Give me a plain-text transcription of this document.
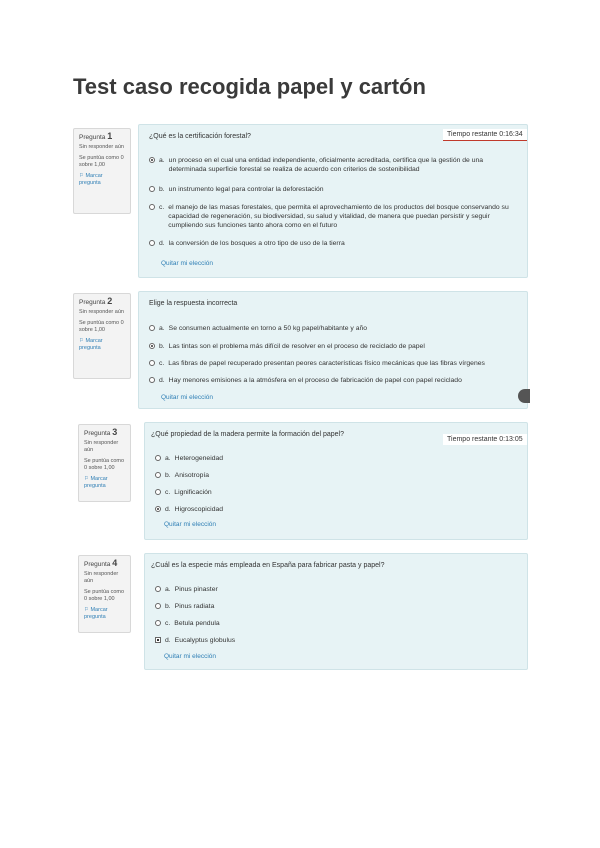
Test caso recogida papel y cartón
Pregunta 1
Sin responder aún
Se puntúa como 0 sobre 1,00
⚐ Marcar pregunta
¿Qué es la certificación forestal?	Tiempo restante 0:16:34
a. un proceso en el cual una entidad independiente, oficialmente acreditada, certifica que la gestión de una determinada superficie forestal se realiza de acuerdo con criterios de sostenibilidad
b. un instrumento legal para controlar la deforestación
c. el manejo de las masas forestales, que permita el aprovechamiento de los productos del bosque conservando su capacidad de regeneración, su biodiversidad, su salud y vitalidad, de manera que puedan persistir y seguir cumpliendo sus funciones tanto ahora como en el futuro
d. la conversión de los bosques a otro tipo de uso de la tierra
Quitar mi elección
Pregunta 2
Sin responder aún
Se puntúa como 0 sobre 1,00
⚐ Marcar pregunta
Elige la respuesta incorrecta
a. Se consumen actualmente en torno a 50 kg papel/habitante y año
b. Las tintas son el problema más difícil de resolver en el proceso de reciclado de papel
c. Las fibras de papel recuperado presentan peores características físico mecánicas que las fibras vírgenes
d. Hay menores emisiones a la atmósfera en el proceso de fabricación de papel con papel reciclado
Quitar mi elección
Pregunta 3
Sin responder aún
Se puntúa como 0 sobre 1,00
⚐ Marcar pregunta
¿Qué propiedad de la madera permite la formación del papel?
Tiempo restante 0:13:05
a. Heterogeneidad
b. Anisotropía
c. Lignificación
d. Higroscopicidad
Quitar mi elección
Pregunta 4
Sin responder aún
Se puntúa como 0 sobre 1,00
⚐ Marcar pregunta
¿Cuál es la especie más empleada en España para fabricar pasta y papel?
a. Pinus pinaster
b. Pinus radiata
c. Betula pendula
d. Eucalyptus globulus
Quitar mi elección
